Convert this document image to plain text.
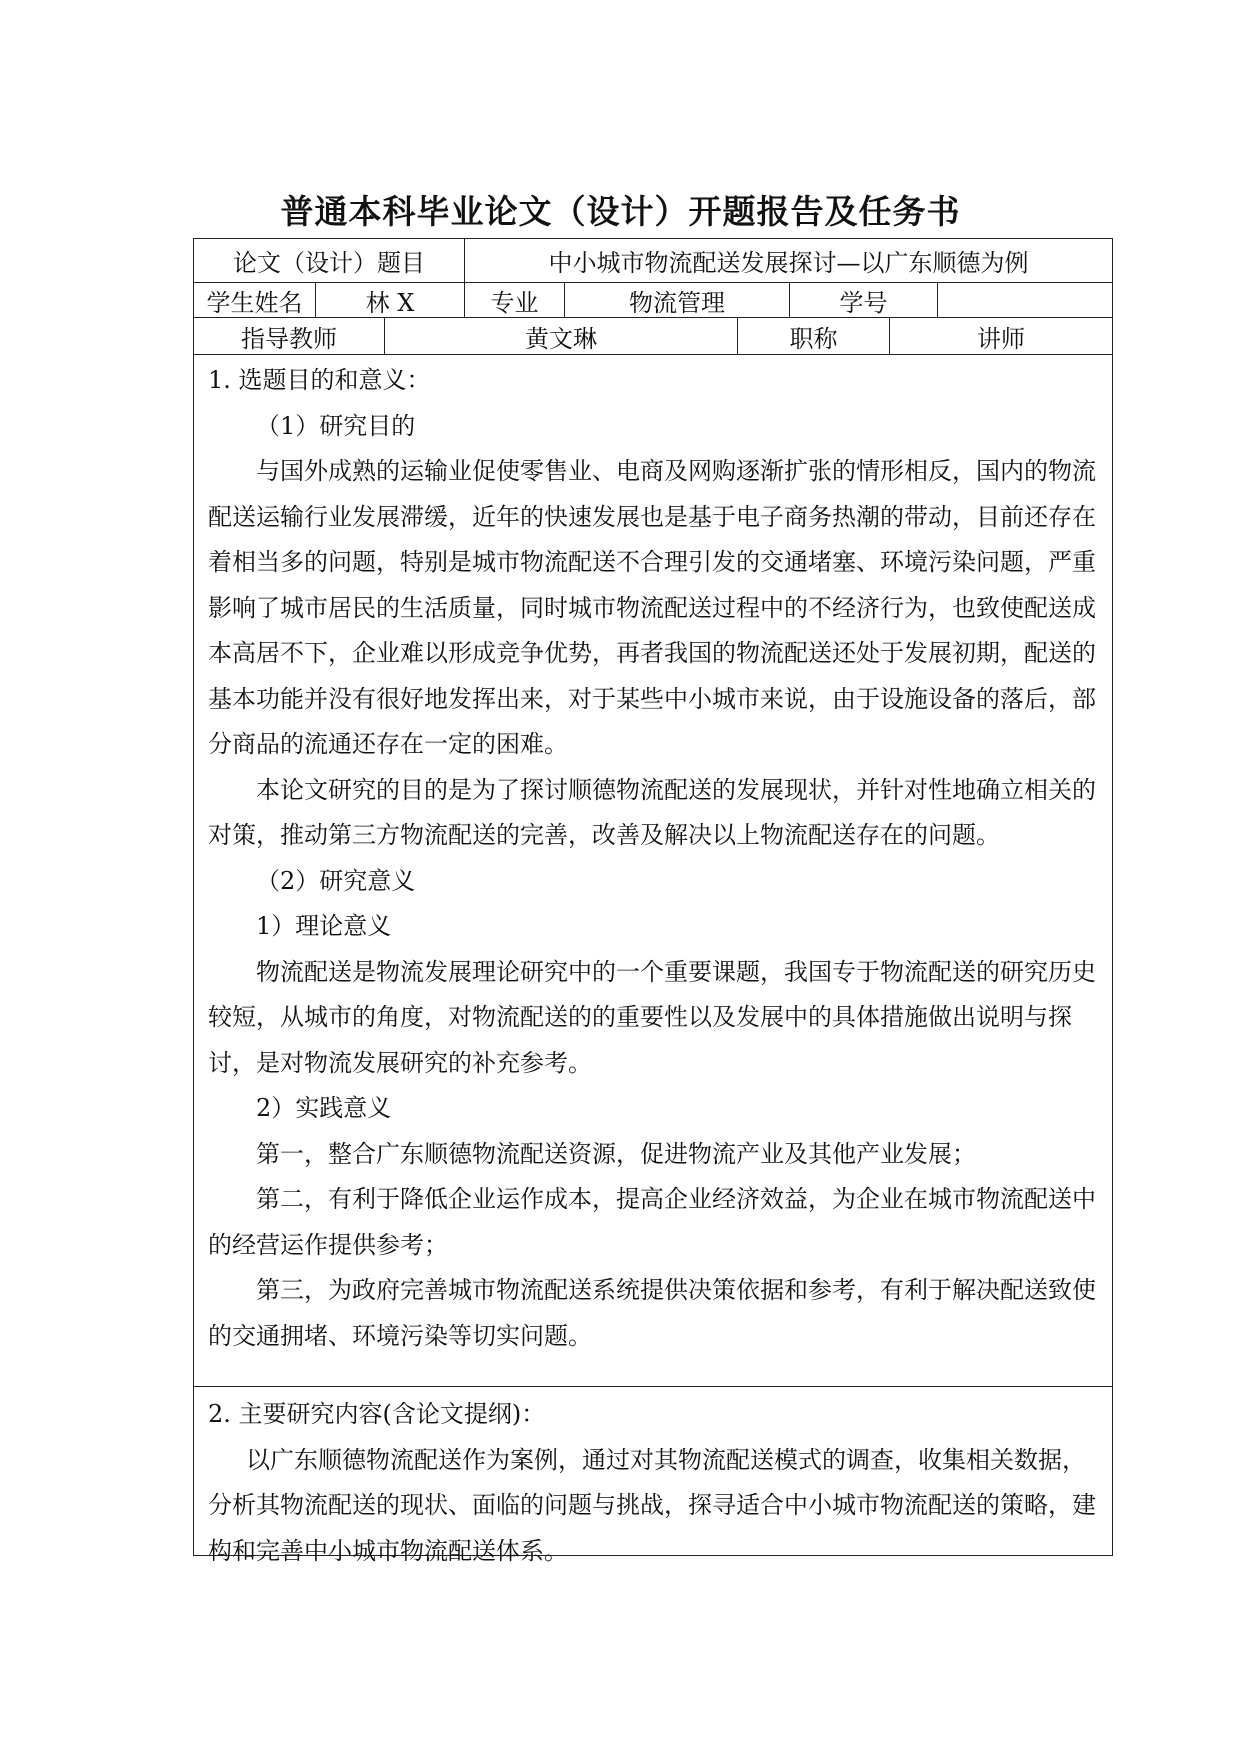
普通本科毕业论文（设计）开题报告及任务书
论文（设计）题目	中小城市物流配送发展探讨—以广东顺德为例
学生姓名	林 X	专业	物流管理	学号
指导教师	黄文琳	职称	讲师

1. 选题目的和意义：

（1）研究目的

与国外成熟的运输业促使零售业、电商及网购逐渐扩张的情形相反，国内的物流配送运输行业发展滞缓，近年的快速发展也是基于电子商务热潮的带动，目前还存在着相当多的问题，特别是城市物流配送不合理引发的交通堵塞、环境污染问题，严重影响了城市居民的生活质量，同时城市物流配送过程中的不经济行为，也致使配送成本高居不下，企业难以形成竞争优势，再者我国的物流配送还处于发展初期，配送的基本功能并没有很好地发挥出来，对于某些中小城市来说，由于设施设备的落后，部分商品的流通还存在一定的困难。

本论文研究的目的是为了探讨顺德物流配送的发展现状，并针对性地确立相关的对策，推动第三方物流配送的完善，改善及解决以上物流配送存在的问题。

（2）研究意义

1）理论意义

物流配送是物流发展理论研究中的一个重要课题，我国专于物流配送的研究历史较短，从城市的角度，对物流配送的的重要性以及发展中的具体措施做出说明与探讨，是对物流发展研究的补充参考。

2）实践意义

第一，整合广东顺德物流配送资源，促进物流产业及其他产业发展；

第二，有利于降低企业运作成本，提高企业经济效益，为企业在城市物流配送中的经营运作提供参考；

第三，为政府完善城市物流配送系统提供决策依据和参考，有利于解决配送致使的交通拥堵、环境污染等切实问题。

2. 主要研究内容(含论文提纲)：

以广东顺德物流配送作为案例，通过对其物流配送模式的调查，收集相关数据，分析其物流配送的现状、面临的问题与挑战，探寻适合中小城市物流配送的策略，建构和完善中小城市物流配送体系。
